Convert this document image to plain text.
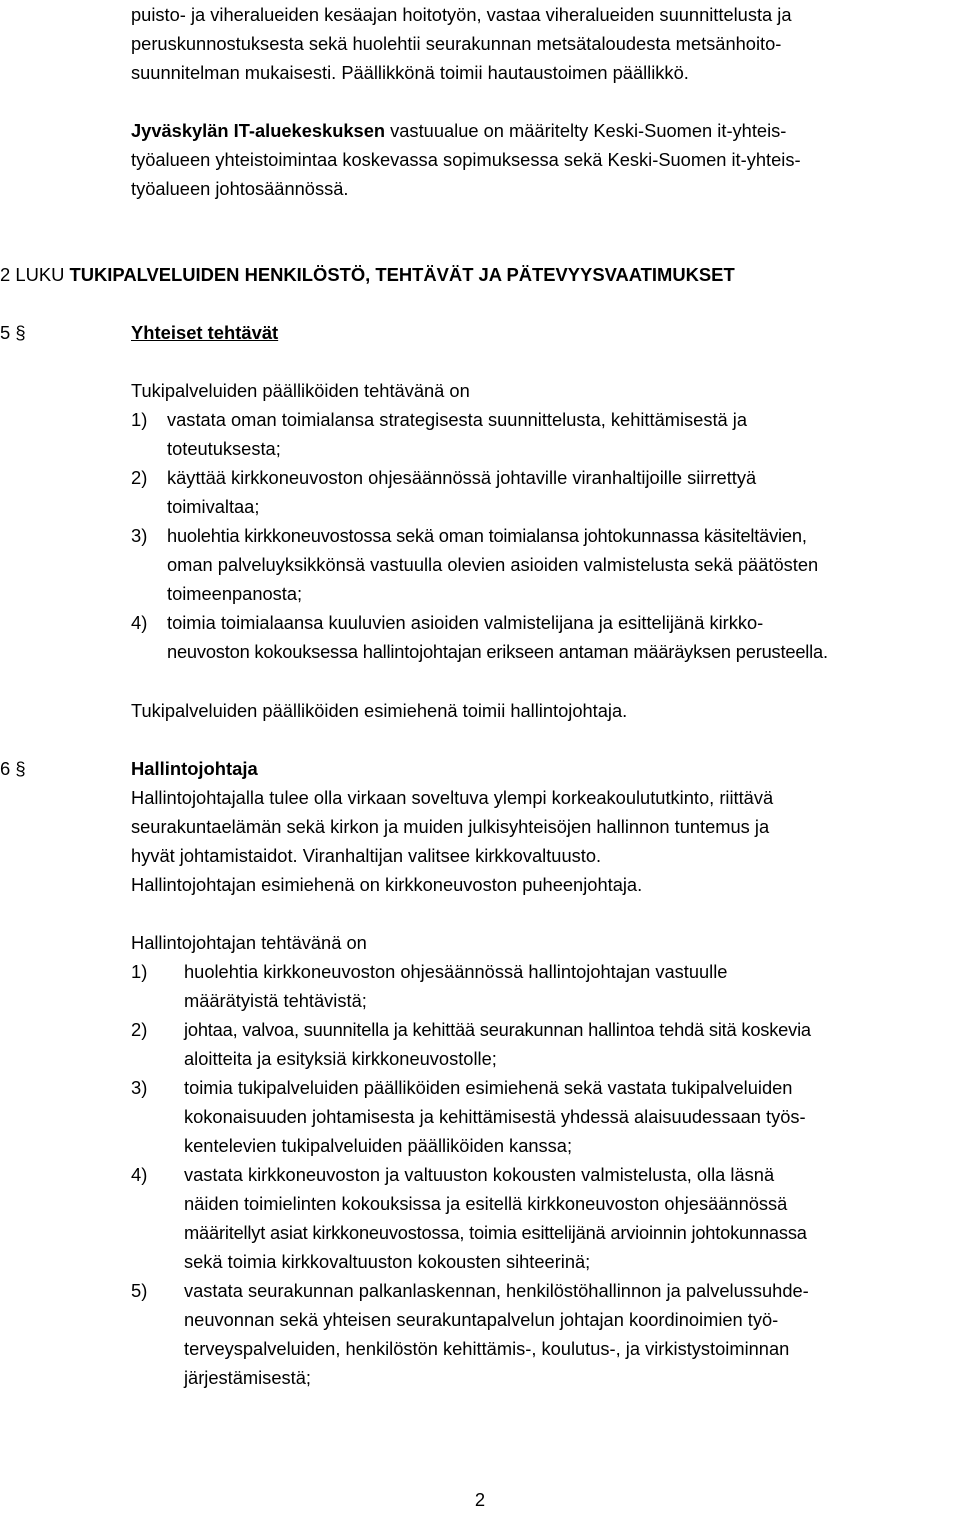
puisto- ja viheralueiden kesäajan hoitotyön, vastaa viheralueiden suunnittelusta ja
peruskunnostuksesta sekä huolehtii seurakunnan metsätaloudesta metsänhoito-
suunnitelman mukaisesti. Päällikkönä toimii hautaustoimen päällikkö.
Jyväskylän IT-aluekeskuksen vastuualue on määritelty Keski-Suomen it-yhteis-
työalueen yhteistoimintaa koskevassa sopimuksessa sekä Keski-Suomen it-yhteis-
työalueen johtosäännössä.
2 LUKU TUKIPALVELUIDEN HENKILÖSTÖ, TEHTÄVÄT JA PÄTEVYYSVAATIMUKSET
5 §	Yhteiset tehtävät
Tukipalveluiden päälliköiden tehtävänä on
1) vastata oman toimialansa strategisesta suunnittelusta, kehittämisestä ja
toteutuksesta;
2) käyttää kirkkoneuvoston ohjesäännössä johtaville viranhaltijoille siirrettyä
toimivaltaa;
3) huolehtia kirkkoneuvostossa sekä oman toimialansa johtokunnassa käsiteltävien,
oman palveluyksikkönsä vastuulla olevien asioiden valmistelusta sekä päätösten
toimeenpanosta;
4) toimia toimialaansa kuuluvien asioiden valmistelijana ja esittelijänä kirkko-
neuvoston kokouksessa hallintojohtajan erikseen antaman määräyksen perusteella.
Tukipalveluiden päälliköiden esimiehenä toimii hallintojohtaja.
6 §	Hallintojohtaja
Hallintojohtajalla tulee olla virkaan soveltuva ylempi korkeakoulututkinto, riittävä
seurakuntaelämän sekä kirkon ja muiden julkisyhteisöjen hallinnon tuntemus ja
hyvät johtamistaidot. Viranhaltijan valitsee kirkkovaltuusto.
Hallintojohtajan esimiehenä on kirkkoneuvoston puheenjohtaja.
Hallintojohtajan tehtävänä on
1) huolehtia kirkkoneuvoston ohjesäännössä hallintojohtajan vastuulle
määrätyistä tehtävistä;
2) johtaa, valvoa, suunnitella ja kehittää seurakunnan hallintoa tehdä sitä koskevia
aloitteita ja esityksiä kirkkoneuvostolle;
3) toimia tukipalveluiden päälliköiden esimiehenä sekä vastata tukipalveluiden
kokonaisuuden johtamisesta ja kehittämisestä yhdessä alaisuudessaan työs-
kentelevien tukipalveluiden päälliköiden kanssa;
4) vastata kirkkoneuvoston ja valtuuston kokousten valmistelusta, olla läsnä
näiden toimielinten kokouksissa ja esitellä kirkkoneuvoston ohjesäännössä
määritellyt asiat kirkkoneuvostossa, toimia esittelijänä arvioinnin johtokunnassa
sekä toimia kirkkovaltuuston kokousten sihteerinä;
5) vastata seurakunnan palkanlaskennan, henkilöstöhallinnon ja palvelussuhde-
neuvonnan sekä yhteisen seurakuntapalvelun johtajan koordinoimien työ-
terveyspalveluiden, henkilöstön kehittämis-, koulutus-, ja virkistystoiminnan
järjestämisestä;
2
